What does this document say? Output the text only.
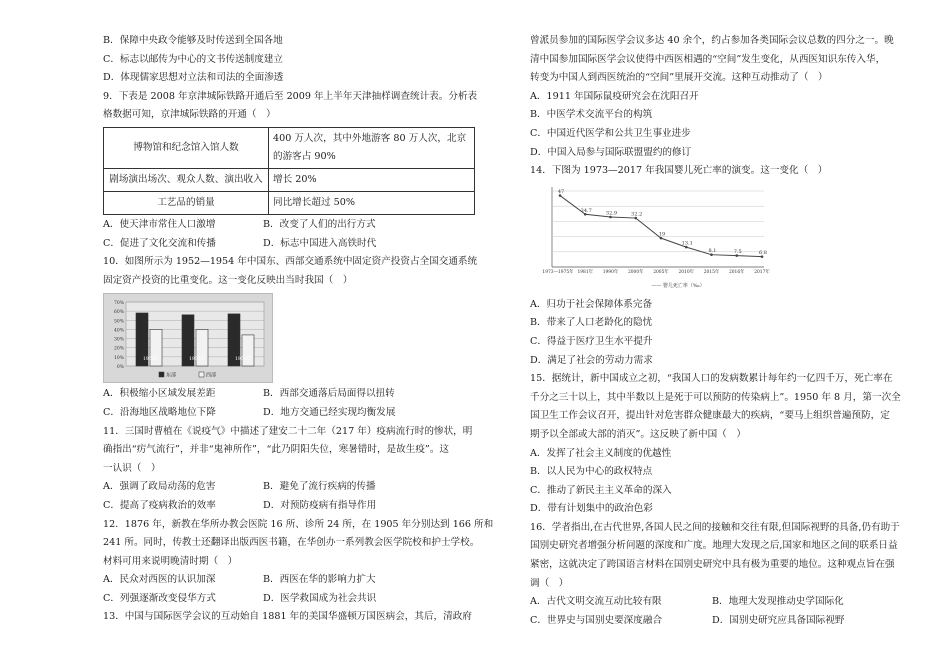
B．保障中央政令能够及时传送到全国各地

C．标志以邮传为中心的文书传送制度建立

D．体现儒家思想对立法和司法的全面渗透

9．下表是 2008 年京津城际铁路开通后至 2009 年上半年天津抽样调查统计表。分析表

格数据可知，京津城际铁路的开通（　）

博物馆和纪念馆入馆人数	400 万人次，其中外地游客 80 万人次，北京
的游客占 90%

剧场演出场次、观众人数、演出收入	增长 20%
工艺品的销量	同比增长超过 50%
A．使天津市常住人口激增	B．改变了人们的出行方式
C．促进了文化交流和传播	D．标志中国进入高铁时代

10．如图所示为 1952—1954 年中国东、西部交通系统中固定资产投资占全国交通系统

固定资产投资的比重变化。这一变化反映出当时我国（　）

0%
10%
20%
30%
40%
50%
60%
70%
1952年	1953年	1954年
东部	西部
A．积极缩小区域发展差距	B．西部交通落后局面得以扭转
C．沿海地区战略地位下降	D．地方交通已经实现均衡发展

11．三国时曹植在《说疫气》中描述了建安二十二年（217 年）疫病流行时的惨状，明

确指出“疠气流行”，并非“鬼神所作”，“此乃阴阳失位，寒暑错时，是故生疫”。这

一认识（　）

A．强调了政局动荡的危害	B．避免了流行疾病的传播
C．提高了疫病救治的效率	D．对预防疫病有指导作用

12．1876 年，新教在华所办教会医院 16 所、诊所 24 所，在 1905 年分别达到 166 所和

241 所。同时，传教士还翻译出版西医书籍，在华创办一系列教会医学院校和护士学校。

材料可用来说明晚清时期（　）

A．民众对西医的认识加深	B．西医在华的影响力扩大
C．列强逐渐改变侵华方式	D．医学救国成为社会共识

13．中国与国际医学会议的互动始自 1881 年的美国华盛顿万国医病会，其后，清政府

曾派员参加的国际医学会议多达 40 余个，约占参加各类国际会议总数的四分之一。晚

清中国参加国际医学会议使得中西医相遇的“空间”发生变化，从西医知识东传入华，

转变为中国人到西医统治的“空间”里展开交流。这种互动推动了（　）

A．1911 年国际鼠疫研究会在沈阳召开

B．中医学术交流平台的构筑

C．中国近代医学和公共卫生事业进步

D．中国入局参与国际联盟盟约的修订

14．下图为 1973—2017 年我国婴儿死亡率的演变。这一变化（　）

47
1973—1975年
34.7
1981年
32.9
1990年
32.2
2000年
19
2005年
13.1
2010年
8.1
2015年
7.5
2016年
6.8
2017年
—— 婴儿死亡率（‰）

A．归功于社会保障体系完备

B．带来了人口老龄化的隐忧

C．得益于医疗卫生水平提升

D．满足了社会的劳动力需求

15．据统计，新中国成立之初，“我国人口的发病数累计每年约一亿四千万，死亡率在

千分之三十以上，其中半数以上是死于可以预防的传染病上”。1950 年 8 月，第一次全

国卫生工作会议召开，提出针对危害群众健康最大的疾病，“要马上组织普遍预防，定

期予以全部或大部的消灭”。这反映了新中国（　）

A．发挥了社会主义制度的优越性

B．以人民为中心的政权特点

C．推动了新民主主义革命的深入

D．带有计划集中的政治色彩

16．学者指出,在古代世界,各国人民之间的接触和交往有限,但国际视野的具备,仍有助于

国别史研究者增强分析问题的深度和广度。地理大发现之后,国家和地区之间的联系日益

紧密，这就决定了跨国语言材料在国别史研究中具有极为重要的地位。这种观点旨在强

调（　）

A．古代文明交流互动比较有限	B．地理大发现推动史学国际化
C．世界史与国别史要深度融合	D．国别史研究应具备国际视野
